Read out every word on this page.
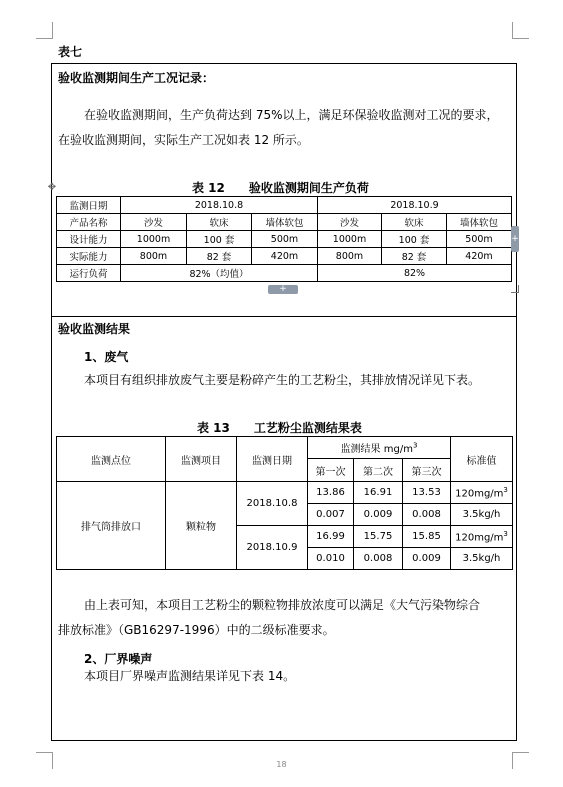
表七
验收监测期间生产工况记录：
在验收监测期间，生产负荷达到 75%以上，满足环保验收监测对工况的要求，
在验收监测期间，实际生产工况如表 12 所示。
表 12　　验收监测期间生产负荷
✥
监测日期	2018.10.8			2018.10.9		
产品名称	沙发	软床	墙体软包	沙发	软床	墙体软包
设计能力	1000m	100 套	500m	1000m	100 套	500m
实际能力	800m	82 套	420m	800m	82 套	420m
运行负荷	82%（均值）			82%		
+
+
验收监测结果
1、废气
本项目有组织排放废气主要是粉碎产生的工艺粉尘，其排放情况详见下表。
表 13　　工艺粉尘监测结果表
监测点位	监测项目	监测日期	监测结果 $mg/m^3$			标准值
			第一次	第二次	第三次	
排气筒排放口	颗粒物	2018.10.8	13.86	16.91	13.53	$120mg/m^3$
			0.007	0.009	0.008	3.5kg/h
		2018.10.9	16.99	15.75	15.85	$120mg/m^3$
			0.010	0.008	0.009	3.5kg/h
由上表可知，本项目工艺粉尘的颗粒物排放浓度可以满足《大气污染物综合
排放标准》（GB16297-1996）中的二级标准要求。
2、厂界噪声
本项目厂界噪声监测结果详见下表 14。
18
